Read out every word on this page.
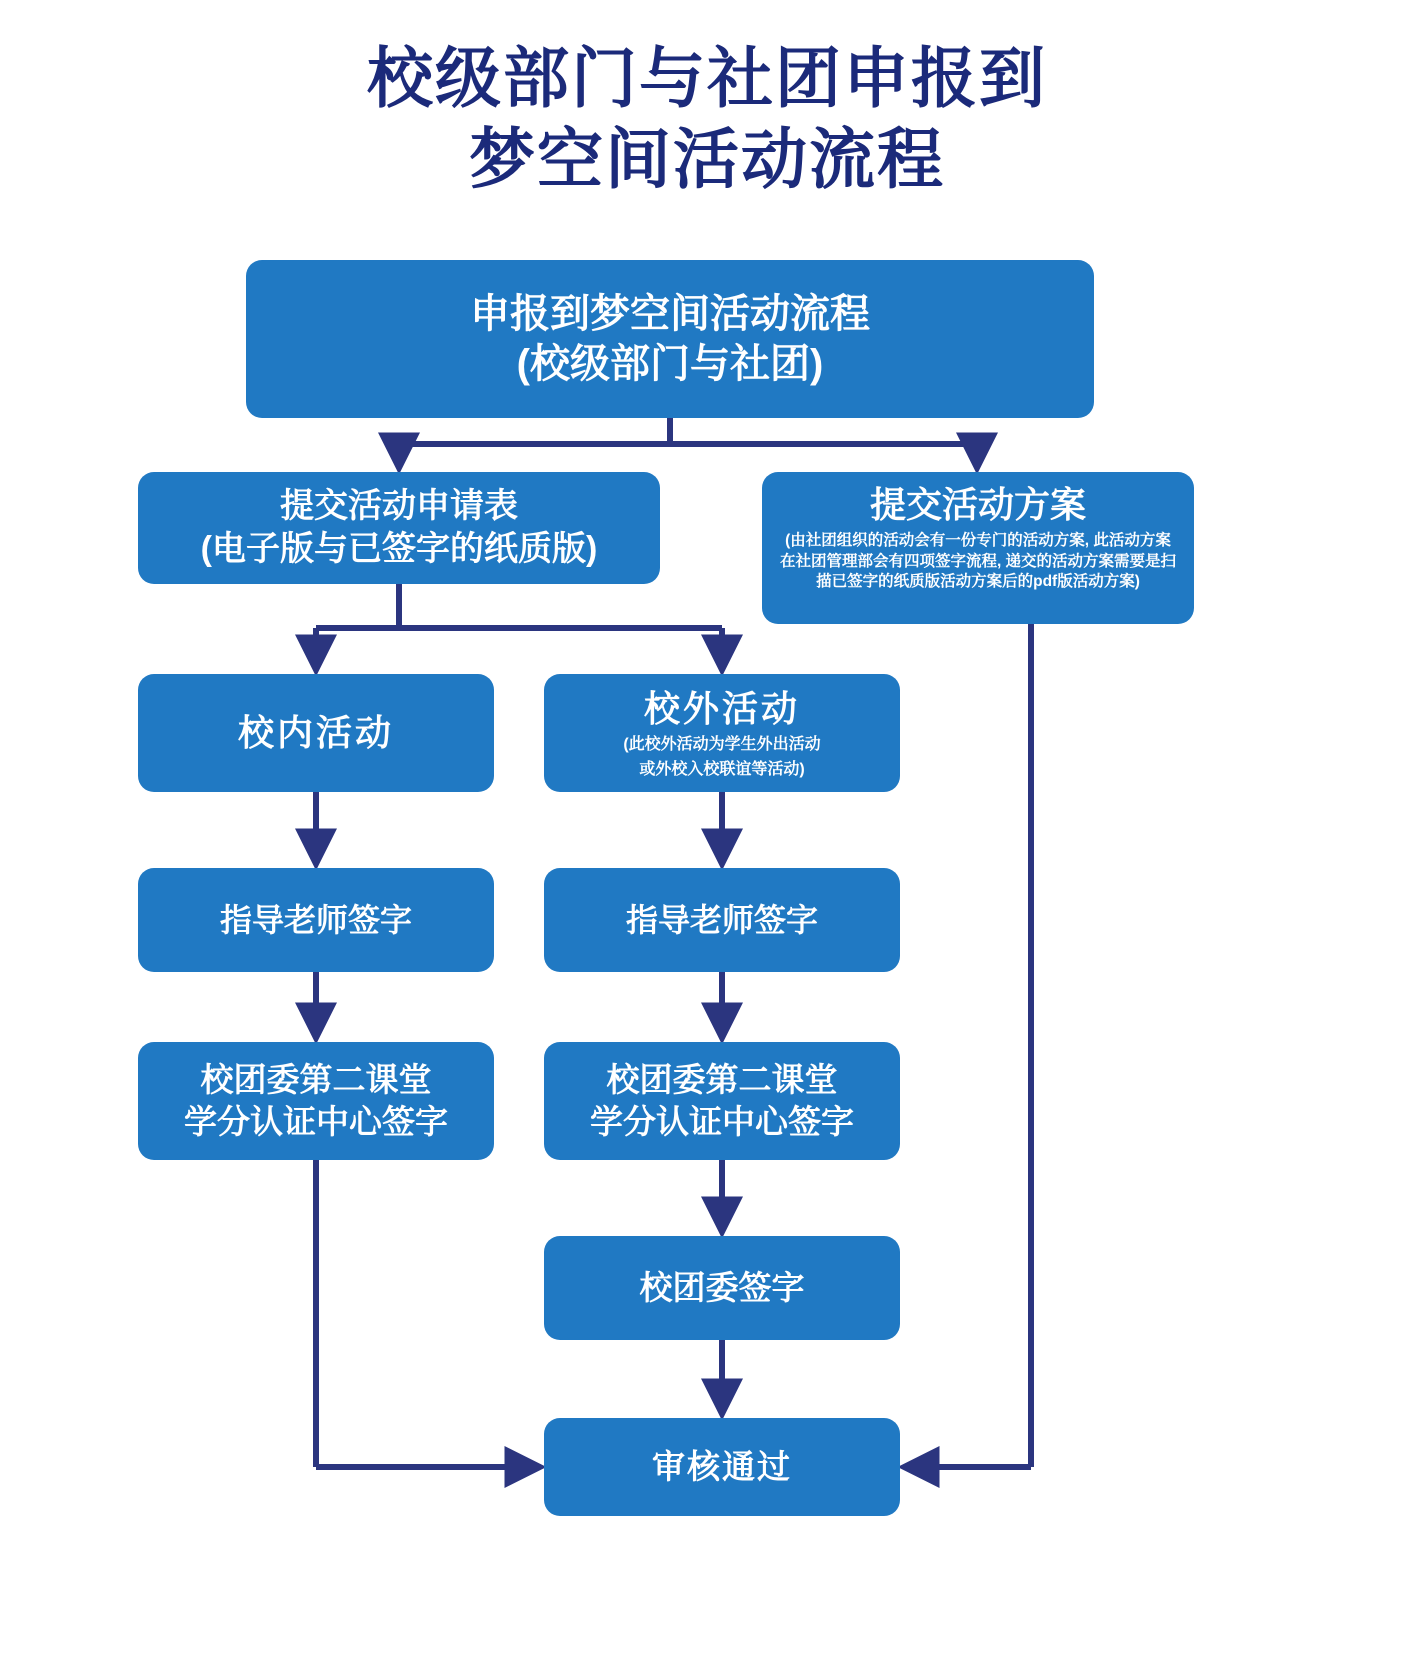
校级部门与社团申报到
梦空间活动流程
申报到梦空间活动流程
(校级部门与社团)
提交活动申请表
(电子版与已签字的纸质版)
提交活动方案
(由社团组织的活动会有一份专门的活动方案, 此活动方案在社团管理部会有四项签字流程, 递交的活动方案需要是扫描已签字的纸质版活动方案后的pdf版活动方案)
校内活动
校外活动
(此校外活动为学生外出活动
或外校入校联谊等活动)
指导老师签字	指导老师签字
校团委第二课堂
学分认证中心签字
校团委第二课堂
学分认证中心签字
校团委签字
审核通过
